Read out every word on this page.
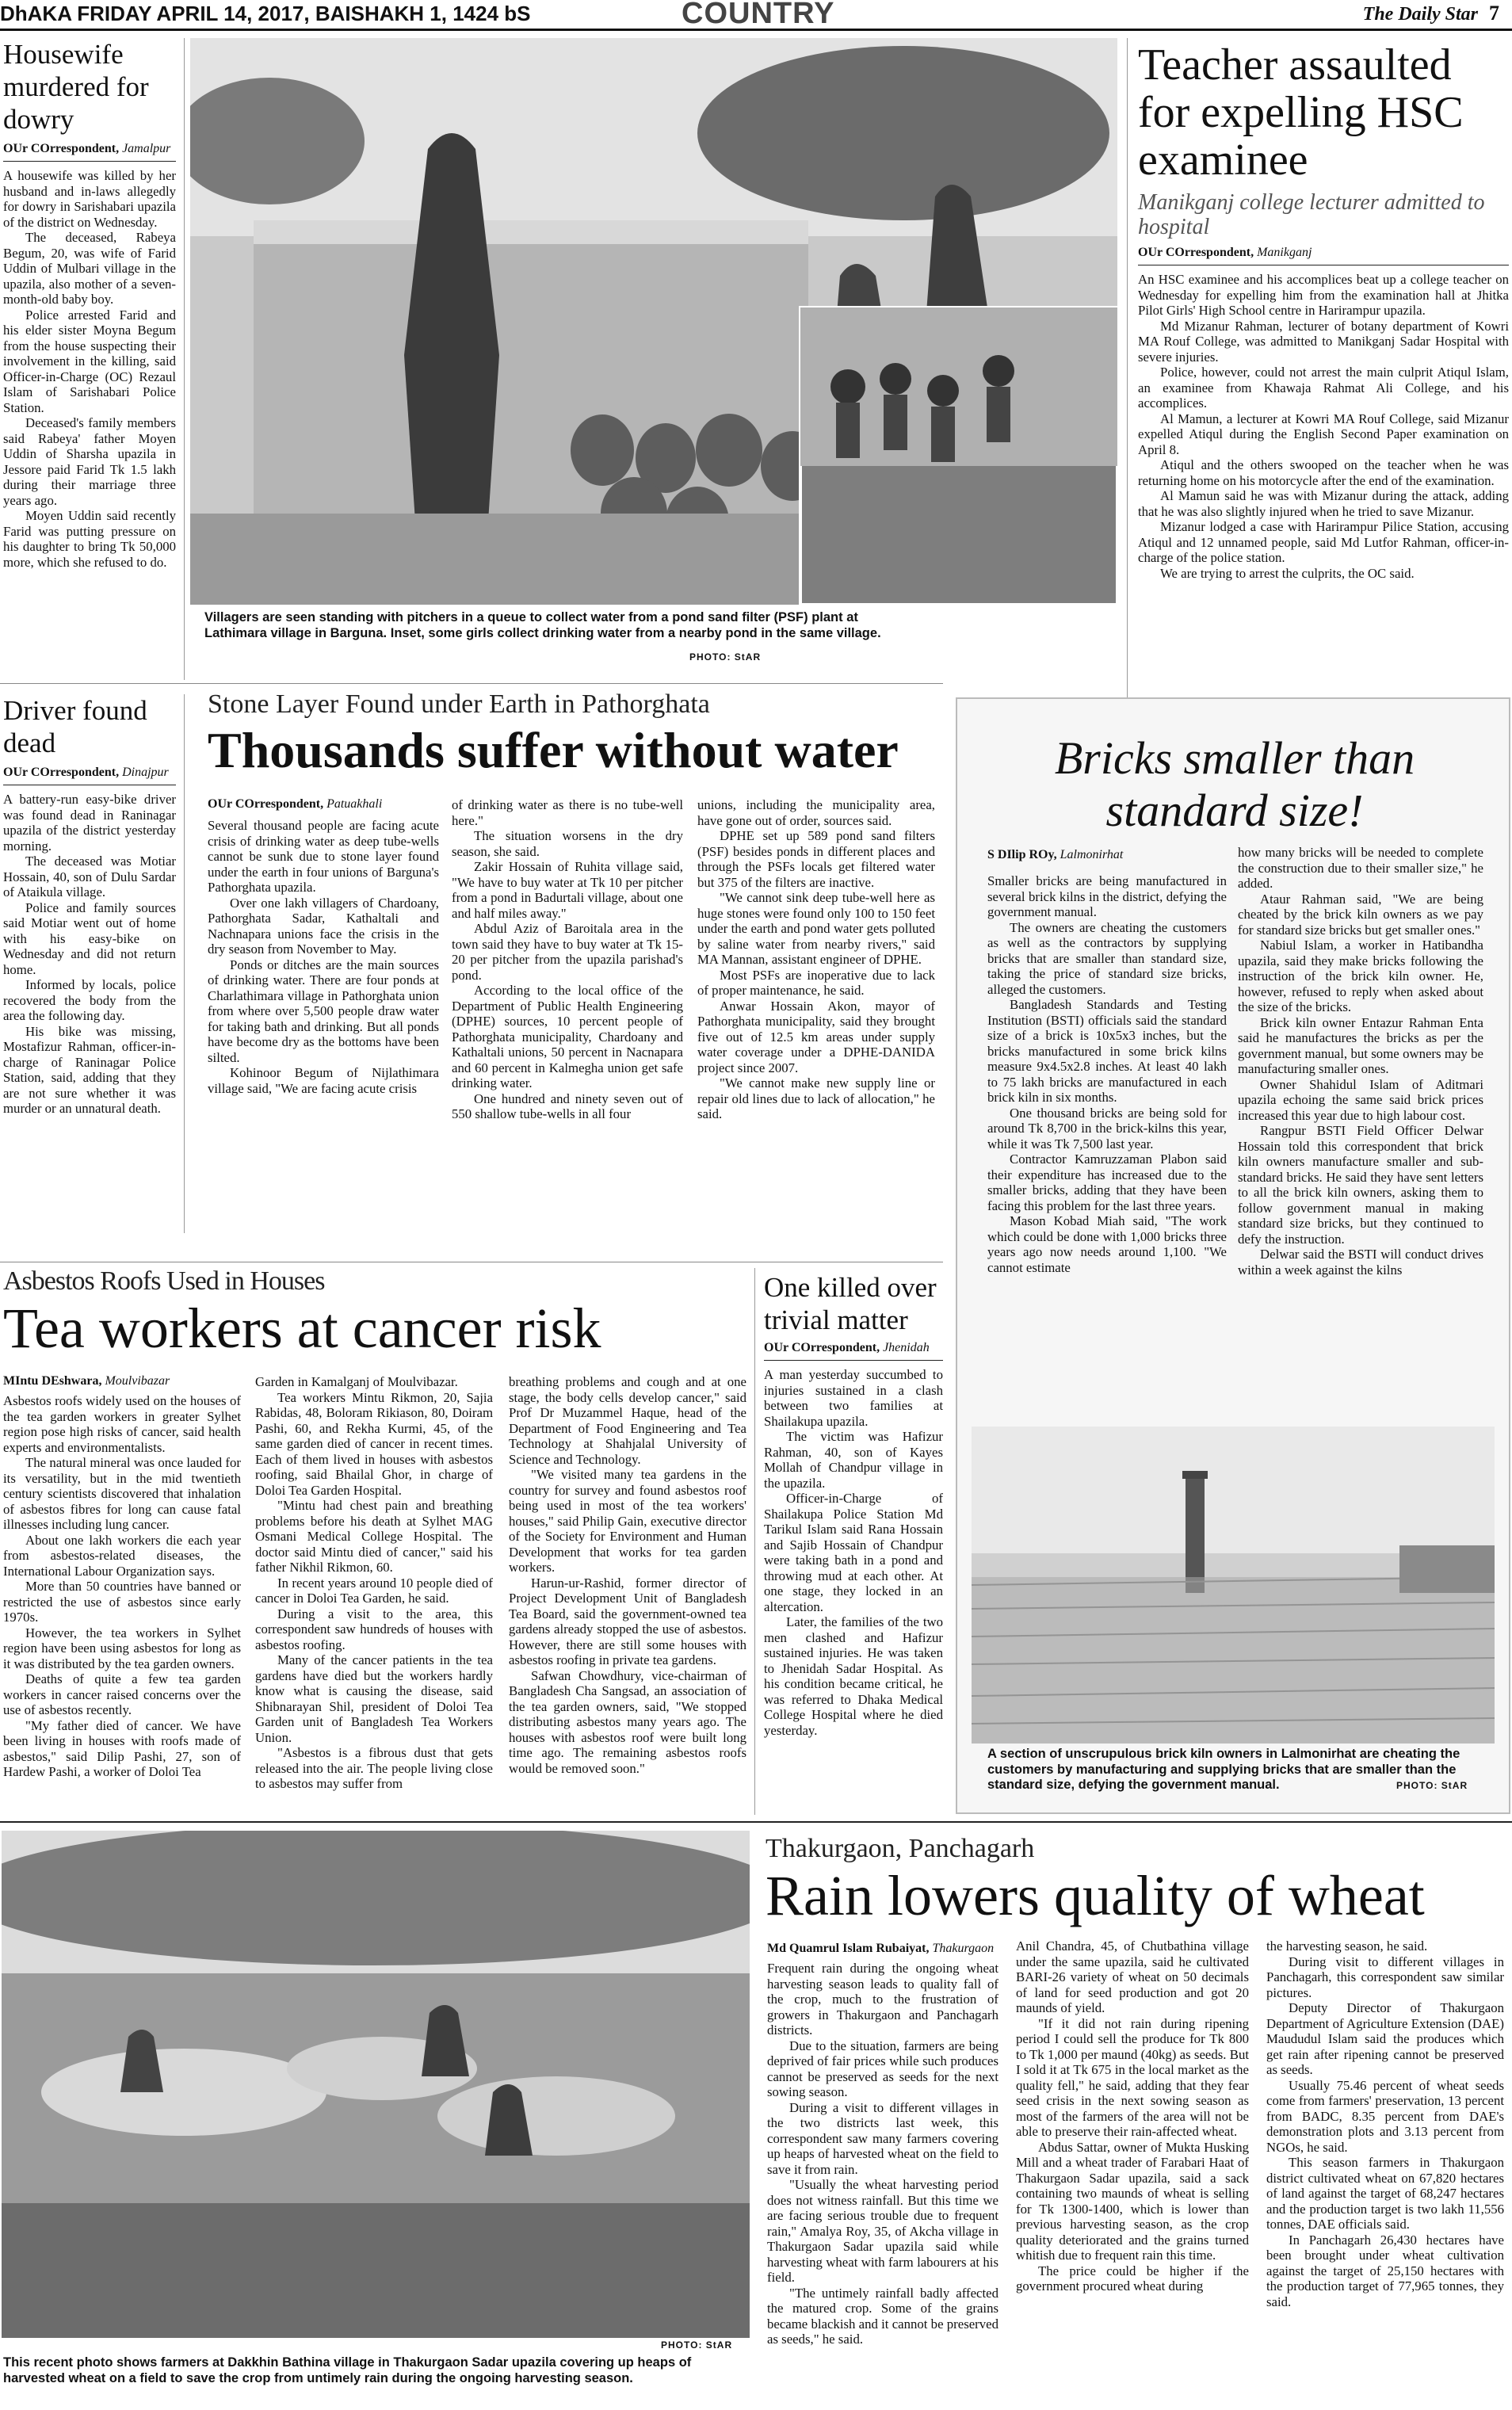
DhAKA FRIDAY APRIL 14, 2017, BAISHAKH 1, 1424 bS	COUNTRY	The Daily Star 7
Housewife murdered for dowry
OUr COrrespondent, Jamalpur

A housewife was killed by her husband and in-laws allegedly for dowry in Sarishabari upazila of the district on Wednesday.

The deceased, Rabeya Begum, 20, was wife of Farid Uddin of Mulbari village in the upazila, also mother of a seven-month-old baby boy.

Police arrested Farid and his elder sister Moyna Begum from the house suspecting their involvement in the killing, said Officer-in-Charge (OC) Rezaul Islam of Sarishabari Police Station.

Deceased's family members said Rabeya' father Moyen Uddin of Sharsha upazila in Jessore paid Farid Tk 1.5 lakh during their marriage three years ago.

Moyen Uddin said recently Farid was putting pressure on his daughter to bring Tk 50,000 more, which she refused to do.

Villagers are seen standing with pitchers in a queue to collect water from a pond sand filter (PSF) plant at Lathimara village in Barguna. Inset, some girls collect drinking water from a nearby pond in the same village.
PHOTO: StAR
Teacher assaulted for expelling HSC examinee
Manikganj college lecturer admitted to hospital
OUr COrrespondent, Manikganj

An HSC examinee and his accomplices beat up a college teacher on Wednesday for expelling him from the examination hall at Jhitka Pilot Girls' High School centre in Harirampur upazila.

Md Mizanur Rahman, lecturer of botany department of Kowri MA Rouf College, was admitted to Manikganj Sadar Hospital with severe injuries.

Police, however, could not arrest the main culprit Atiqul Islam, an examinee from Khawaja Rahmat Ali College, and his accomplices.

Al Mamun, a lecturer at Kowri MA Rouf College, said Mizanur expelled Atiqul during the English Second Paper examination on April 8.

Atiqul and the others swooped on the teacher when he was returning home on his motorcycle after the end of the examination.

Al Mamun said he was with Mizanur during the attack, adding that he was also slightly injured when he tried to save Mizanur.

Mizanur lodged a case with Harirampur Pilice Station, accusing Atiqul and 12 unnamed people, said Md Lutfor Rahman, officer-in-charge of the police station.

We are trying to arrest the culprits, the OC said.

Driver found dead
OUr COrrespondent, Dinajpur

A battery-run easy-bike driver was found dead in Raninagar upazila of the district yesterday morning.

The deceased was Motiar Hossain, 40, son of Dulu Sardar of Ataikula village.

Police and family sources said Motiar went out of home with his easy-bike on Wednesday and did not return home.

Informed by locals, police recovered the body from the area the following day.

His bike was missing, Mostafizur Rahman, officer-in-charge of Raninagar Police Station, said, adding that they are not sure whether it was murder or an unnatural death.

Stone Layer Found under Earth in Pathorghata
Thousands suffer without water
OUr COrrespondent, Patuakhali

Several thousand people are facing acute crisis of drinking water as deep tube-wells cannot be sunk due to stone layer found under the earth in four unions of Barguna's Pathorghata upazila.

Over one lakh villagers of Chardoany, Pathorghata Sadar, Kathaltali and Nachnapara unions face the crisis in the dry season from November to May.

Ponds or ditches are the main sources of drinking water. There are four ponds at Charlathimara village in Pathorghata union from where over 5,500 people draw water for taking bath and drinking. But all ponds have become dry as the bottoms have been silted.

Kohinoor Begum of Nijlathimara village said, "We are facing acute crisis

of drinking water as there is no tube-well here."

The situation worsens in the dry season, she said.

Zakir Hossain of Ruhita village said, "We have to buy water at Tk 10 per pitcher from a pond in Badurtali village, about one and half miles away."

Abdul Aziz of Baroitala area in the town said they have to buy water at Tk 15-20 per pitcher from the upazila parishad's pond.

According to the local office of the Department of Public Health Engineering (DPHE) sources, 10 percent people of Pathorghata municipality, Chardoany and Kathaltali unions, 50 percent in Nacnapara and 60 percent in Kalmegha union get safe drinking water.

One hundred and ninety seven out of 550 shallow tube-wells in all four

unions, including the municipality area, have gone out of order, sources said.

DPHE set up 589 pond sand filters (PSF) besides ponds in different places and through the PSFs locals get filtered water but 375 of the filters are inactive.

"We cannot sink deep tube-well here as huge stones were found only 100 to 150 feet under the earth and pond water gets polluted by saline water from nearby rivers," said MA Mannan, assistant engineer of DPHE.

Most PSFs are inoperative due to lack of proper maintenance, he said.

Anwar Hossain Akon, mayor of Pathorghata municipality, said they brought five out of 12.5 km areas under supply water coverage under a DPHE-DANIDA project since 2007.

"We cannot make new supply line or repair old lines due to lack of allocation," he said.

Bricks smaller than standard size!
S DIlip ROy, Lalmonirhat

Smaller bricks are being manufactured in several brick kilns in the district, defying the government manual.

The owners are cheating the customers as well as the contractors by supplying bricks that are smaller than standard size, taking the price of standard size bricks, alleged the customers.

Bangladesh Standards and Testing Institution (BSTI) officials said the standard size of a brick is 10x5x3 inches, but the bricks manufactured in some brick kilns measure 9x4.5x2.8 inches. At least 40 lakh to 75 lakh bricks are manufactured in each brick kiln in six months.

One thousand bricks are being sold for around Tk 8,700 in the brick-kilns this year, while it was Tk 7,500 last year.

Contractor Kamruzzaman Plabon said their expenditure has increased due to the smaller bricks, adding that they have been facing this problem for the last three years.

Mason Kobad Miah said, "The work which could be done with 1,000 bricks three years ago now needs around 1,100. "We cannot estimate

how many bricks will be needed to complete the construction due to their smaller size," he added.

Ataur Rahman said, "We are being cheated by the brick kiln owners as we pay for standard size bricks but get smaller ones."

Nabiul Islam, a worker in Hatibandha upazila, said they make bricks following the instruction of the brick kiln owner. He, however, refused to reply when asked about the size of the bricks.

Brick kiln owner Entazur Rahman Enta said he manufactures the bricks as per the government manual, but some owners may be manufacturing smaller ones.

Owner Shahidul Islam of Aditmari upazila echoing the same said brick prices increased this year due to high labour cost.

Rangpur BSTI Field Officer Delwar Hossain told this correspondent that brick kiln owners manufacture smaller and sub-standard bricks. He said they have sent letters to all the brick kiln owners, asking them to follow government manual in making standard size bricks, but they continued to defy the instruction.

Delwar said the BSTI will conduct drives within a week against the kilns

A section of unscrupulous brick kiln owners in Lalmonirhat are cheating the customers by manufacturing and supplying bricks that are smaller than the standard size, defying the government manual.	PHOTO: StAR
Asbestos Roofs Used in Houses
Tea workers at cancer risk
MIntu DEshwara, Moulvibazar

Asbestos roofs widely used on the houses of the tea garden workers in greater Sylhet region pose high risks of cancer, said health experts and environmentalists.

The natural mineral was once lauded for its versatility, but in the mid twentieth century scientists discovered that inhalation of asbestos fibres for long can cause fatal illnesses including lung cancer.

About one lakh workers die each year from asbestos-related diseases, the International Labour Organization says.

More than 50 countries have banned or restricted the use of asbestos since early 1970s.

However, the tea workers in Sylhet region have been using asbestos for long as it was distributed by the tea garden owners.

Deaths of quite a few tea garden workers in cancer raised concerns over the use of asbestos recently.

"My father died of cancer. We have been living in houses with roofs made of asbestos," said Dilip Pashi, 27, son of Hardew Pashi, a worker of Doloi Tea

Garden in Kamalganj of Moulvibazar.

Tea workers Mintu Rikmon, 20, Sajia Rabidas, 48, Boloram Rikiason, 80, Doiram Pashi, 60, and Rekha Kurmi, 45, of the same garden died of cancer in recent times. Each of them lived in houses with asbestos roofing, said Bhailal Ghor, in charge of Doloi Tea Garden Hospital.

"Mintu had chest pain and breathing problems before his death at Sylhet MAG Osmani Medical College Hospital. The doctor said Mintu died of cancer," said his father Nikhil Rikmon, 60.

In recent years around 10 people died of cancer in Doloi Tea Garden, he said.

During a visit to the area, this correspondent saw hundreds of houses with asbestos roofing.

Many of the cancer patients in the tea gardens have died but the workers hardly know what is causing the disease, said Shibnarayan Shil, president of Doloi Tea Garden unit of Bangladesh Tea Workers Union.

"Asbestos is a fibrous dust that gets released into the air. The people living close to asbestos may suffer from

breathing problems and cough and at one stage, the body cells develop cancer," said Prof Dr Muzammel Haque, head of the Department of Food Engineering and Tea Technology at Shahjalal University of Science and Technology.

"We visited many tea gardens in the country for survey and found asbestos roof being used in most of the tea workers' houses," said Philip Gain, executive director of the Society for Environment and Human Development that works for tea garden workers.

Harun-ur-Rashid, former director of Project Development Unit of Bangladesh Tea Board, said the government-owned tea gardens already stopped the use of asbestos. However, there are still some houses with asbestos roofing in private tea gardens.

Safwan Chowdhury, vice-chairman of Bangladesh Cha Sangsad, an association of the tea garden owners, said, "We stopped distributing asbestos many years ago. The houses with asbestos roof were built long time ago. The remaining asbestos roofs would be removed soon."

One killed over trivial matter
OUr COrrespondent, Jhenidah

A man yesterday succumbed to injuries sustained in a clash between two families at Shailakupa upazila.

The victim was Hafizur Rahman, 40, son of Kayes Mollah of Chandpur village in the upazila.

Officer-in-Charge of Shailakupa Police Station Md Tarikul Islam said Rana Hossain and Sajib Hossain of Chandpur were taking bath in a pond and throwing mud at each other. At one stage, they locked in an altercation.

Later, the families of the two men clashed and Hafizur sustained injuries. He was taken to Jhenidah Sadar Hospital. As his condition became critical, he was referred to Dhaka Medical College Hospital where he died yesterday.

PHOTO: StAR
This recent photo shows farmers at Dakkhin Bathina village in Thakurgaon Sadar upazila covering up heaps of harvested wheat on a field to save the crop from untimely rain during the ongoing harvesting season.
Thakurgaon, Panchagarh
Rain lowers quality of wheat
Md Quamrul Islam Rubaiyat, Thakurgaon

Frequent rain during the ongoing wheat harvesting season leads to quality fall of the crop, much to the frustration of growers in Thakurgaon and Panchagarh districts.

Due to the situation, farmers are being deprived of fair prices while such produces cannot be preserved as seeds for the next sowing season.

During a visit to different villages in the two districts last week, this correspondent saw many farmers covering up heaps of harvested wheat on the field to save it from rain.

"Usually the wheat harvesting period does not witness rainfall. But this time we are facing serious trouble due to frequent rain," Amalya Roy, 35, of Akcha village in Thakurgaon Sadar upazila said while harvesting wheat with farm labourers at his field.

"The untimely rainfall badly affected the matured crop. Some of the grains became blackish and it cannot be preserved as seeds," he said.

Anil Chandra, 45, of Chutbathina village under the same upazila, said he cultivated BARI-26 variety of wheat on 50 decimals of land for seed production and got 20 maunds of yield.

"If it did not rain during ripening period I could sell the produce for Tk 800 to Tk 1,000 per maund (40kg) as seeds. But I sold it at Tk 675 in the local market as the quality fell," he said, adding that they fear seed crisis in the next sowing season as most of the farmers of the area will not be able to preserve their rain-affected wheat.

Abdus Sattar, owner of Mukta Husking Mill and a wheat trader of Farabari Haat of Thakurgaon Sadar upazila, said a sack containing two maunds of wheat is selling for Tk 1300-1400, which is lower than previous harvesting season, as the crop quality deteriorated and the grains turned whitish due to frequent rain this time.

The price could be higher if the government procured wheat during

the harvesting season, he said.

During visit to different villages in Panchagarh, this correspondent saw similar pictures.

Deputy Director of Thakurgaon Department of Agriculture Extension (DAE) Maududul Islam said the produces which get rain after ripening cannot be preserved as seeds.

Usually 75.46 percent of wheat seeds come from farmers' preservation, 13 percent from BADC, 8.35 percent from DAE's demonstration plots and 3.13 percent from NGOs, he said.

This season farmers in Thakurgaon district cultivated wheat on 67,820 hectares of land against the target of 68,247 hectares and the production target is two lakh 11,556 tonnes, DAE officials said.

In Panchagarh 26,430 hectares have been brought under wheat cultivation against the target of 25,150 hectares with the production target of 77,965 tonnes, they said.
